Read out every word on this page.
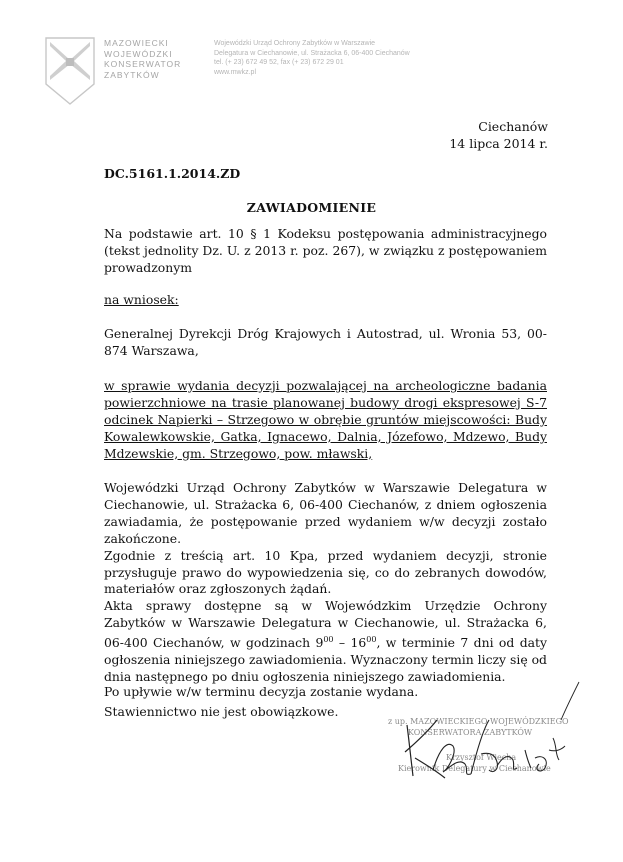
MAZOWIECKI
WOJEWÓDZKI
KONSERWATOR
ZABYTKÓW
Wojewódzki Urząd Ochrony Zabytków w Warszawie
Delegatura w Ciechanowie, ul. Strażacka 6, 06-400 Ciechanów
tel. (+ 23) 672 49 52, fax (+ 23) 672 29 01
www.mwkz.pl
Ciechanów
14 lipca 2014 r.
DC.5161.1.2014.ZD
ZAWIADOMIENIE
Na podstawie art. 10 § 1 Kodeksu postępowania administracyjnego (tekst jednolity Dz. U. z 2013 r. poz. 267), w związku z postępowaniem prowadzonym
na wniosek:
Generalnej Dyrekcji Dróg Krajowych i Autostrad, ul. Wronia 53, 00-874 Warszawa,
w sprawie wydania decyzji pozwalającej na archeologiczne badania powierzchniowe na trasie planowanej budowy drogi ekspresowej S-7 odcinek Napierki – Strzegowo w obrębie gruntów miejscowości: Budy Kowalewkowskie, Gatka, Ignacewo, Dalnia, Józefowo, Mdzewo, Budy Mdzewskie, gm. Strzegowo, pow. mławski,
Wojewódzki Urząd Ochrony Zabytków w Warszawie Delegatura w Ciechanowie, ul. Strażacka 6, 06-400 Ciechanów, z dniem ogłoszenia zawiadamia, że postępowanie przed wydaniem w/w decyzji zostało zakończone.
Zgodnie z treścią art. 10 Kpa, przed wydaniem decyzji, stronie przysługuje prawo do wypowiedzenia się, co do zebranych dowodów, materiałów oraz zgłoszonych żądań.
Akta sprawy dostępne są w Wojewódzkim Urzędzie Ochrony Zabytków w Warszawie Delegatura w Ciechanowie, ul. Strażacka 6, 06-400 Ciechanów, w godzinach $9^{00} - 16^{00}$, w terminie 7 dni od daty ogłoszenia niniejszego zawiadomienia. Wyznaczony termin liczy się od dnia następnego po dniu ogłoszenia niniejszego zawiadomienia.
Po upływie w/w terminu decyzja zostanie wydana.
Stawiennictwo nie jest obowiązkowe.
z up. MAZOWIECKIEGO WOJEWÓDZKIEGO
KONSERWATORA ZABYTKÓW
Krzysztof Wiecha
Kierownik Delegatury w Ciechanowie
